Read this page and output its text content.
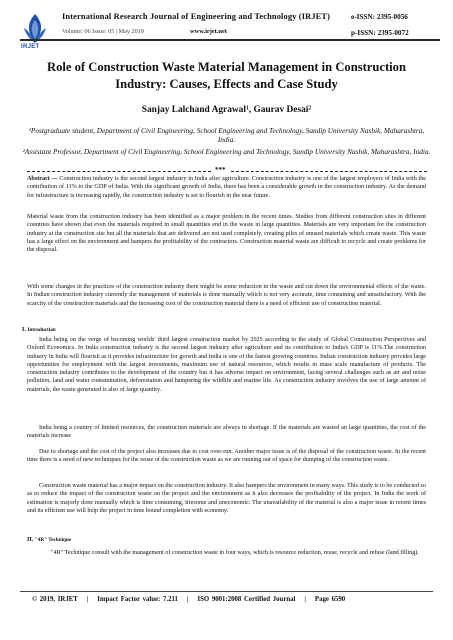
IRJET
International Research Journal of Engineering and Technology (IRJET)
Volume: 06 Issue: 05 | May 2019	www.irjet.net
e-ISSN: 2395-0056
p-ISSN: 2395-0072
Role of Construction Waste Material Management in Construction Industry: Causes, Effects and Case Study
Sanjay Lalchand Agrawal¹, Gaurav Desai²
¹Postgraduate student, Department of Civil Engineering, School Engineering and Technology, Sandip University Nashik, Maharashtra, India.
²Assistant Professor, Department of Civil Engineering, School Engineering and Technology, Sandip University Nashik, Maharashtra, India.
***
Abstract — Construction industry is the second largest industry in India after agriculture. Construction industry is one of the largest employers of India with the contribution of 11% to the GDP of India. With the significant growth of India, there has been a considerable growth in the construction industry. As the demand for infrastructure is increasing rapidly, the construction industry is set to flourish in the near future.
Material waste from the construction industry has been identified as a major problem in the recent times. Studies from different construction sites in different countries have shown that even the materials required in small quantities end in the waste in large quantities. Materials are very important for the construction industry at the construction site but all the materials that are delivered are not used completely, creating piles of unused materials which create waste. This waste has a large effect on the environment and hampers the profitability of the contractors. Construction material waste are difficult to recycle and create problems for the disposal.
With some changes in the practices of the construction industry there might be some reduction in the waste and cut down the environmental effects of the waste. In Indian construction industry currently the management of materials is done manually which is not very accurate, time consuming and unsatisfactory. With the scarcity of the construction materials and the increasing cost of the construction material there is a need of efficient use of construction material.
I. Introduction
India being on the verge of becoming worlds' third largest construction market by 2025 according to the study of Global Construction Perspectives and Oxford Economics. In India construction industry is the second largest industry after agriculture and its contribution to India's GDP is 11%.The construction industry in India will flourish as it provides infrastructure for growth and India is one of the fastest growing countries. Indian construction industry provides large opportunities for employment with the largest investments, maximum use of natural resources, which results in mass scale manufacture of products. The construction industry contributes to the development of the country but it has adverse impact on environment, facing several challenges such as air and noise pollution, land and water contamination, deforestation and hampering the wildlife and marine life. As construction industry involves the use of large amount of materials, the waste generated is also of large quantity.
India being a country of limited resources, the construction materials are always in shortage. If the materials are wasted an large quantities, the cost of the materials increase
Due to shortage and the cost of the project also increases due to cost over-run. Another major issue is of the disposal of the construction waste. In the recent time there is a need of new techniques for the reuse of the construction waste as we are running out of space for dumping of the construction waste.
Construction waste material has a major impact on the construction industry. It also hampers the environment in many ways. This study is to be conducted so as to reduce the impact of the construction waste on the project and the environment as it also decreases the profitability of the project. In India the work of estimation is majorly done manually which is time consuming, tiresome and uneconomic. The unavailability of the material is also a major issue in recent times and its efficient use will help the project in time bound completion with economy.
II. "4R" Technique
"4R" Technique consult with the management of construction waste in four ways, which is resource reduction, reuse, recycle and refuse (land filling).
© 2019, IRJET | Impact Factor value: 7.211 | ISO 9001:2008 Certified Journal | Page 6590
